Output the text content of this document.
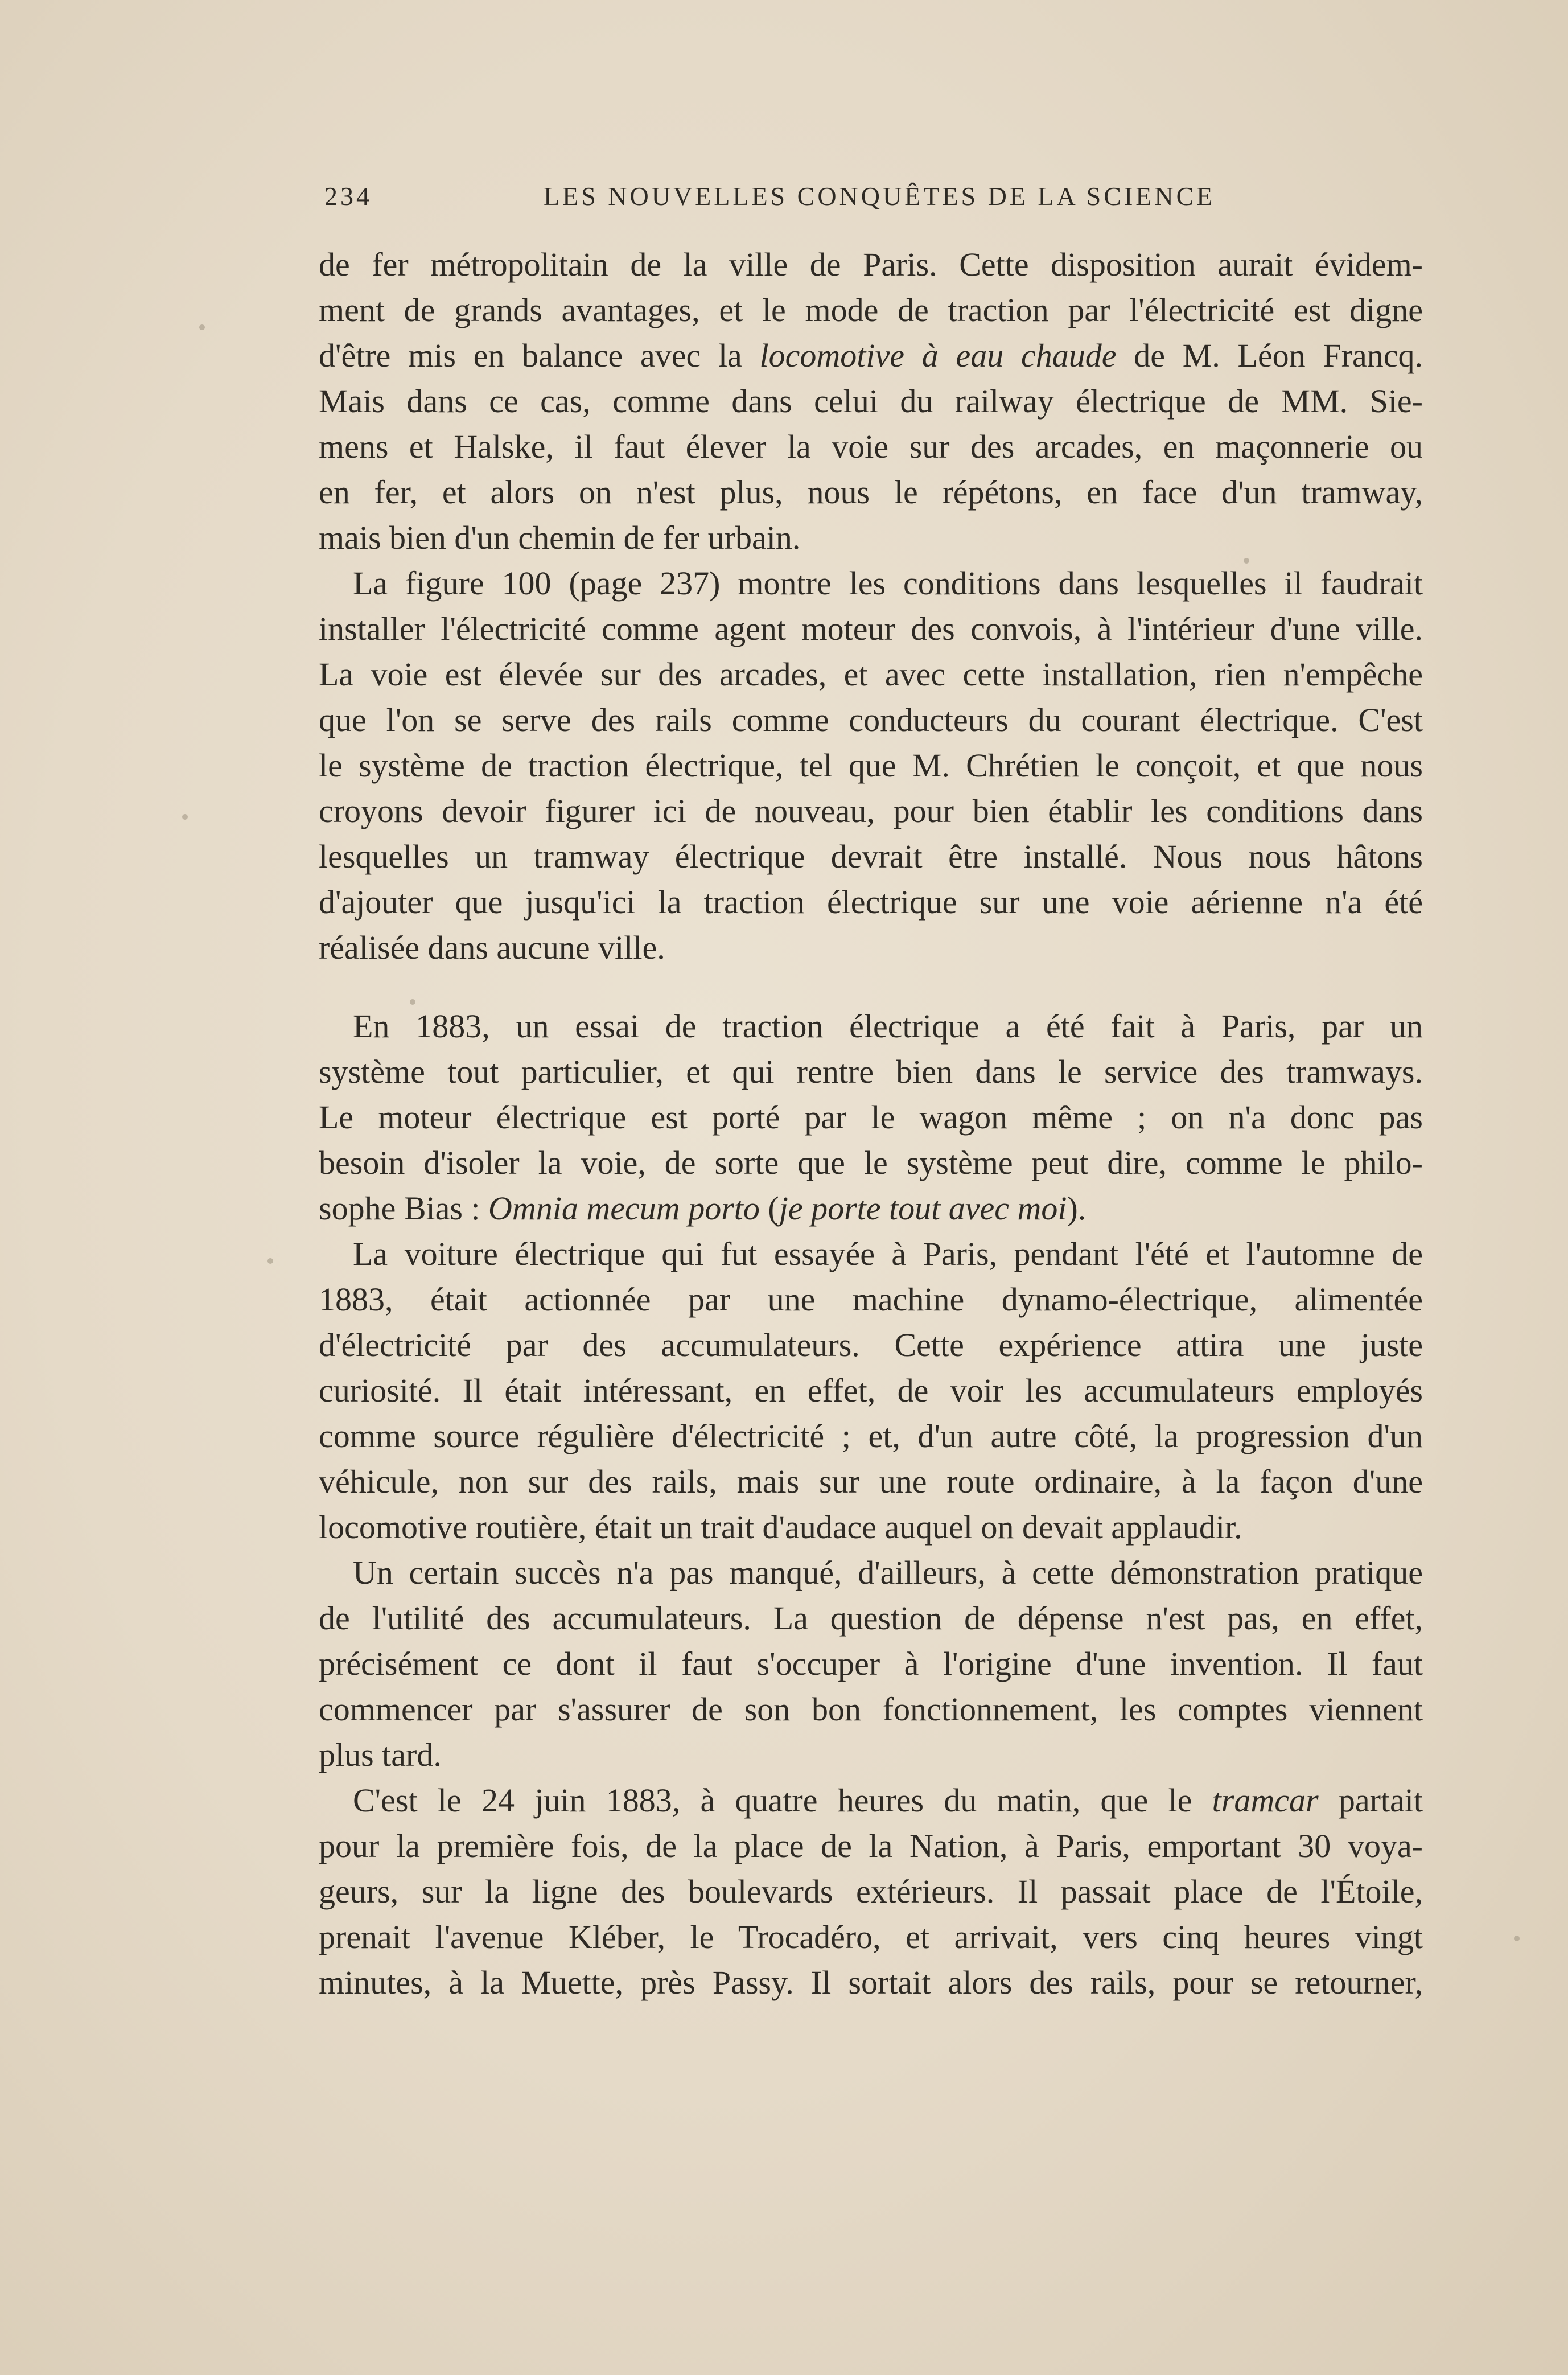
234	LES NOUVELLES CONQUÊTES DE LA SCIENCE
de fer métropolitain de la ville de Paris. Cette disposition aurait évidem-
ment de grands avantages, et le mode de traction par l'électricité est digne
d'être mis en balance avec la locomotive à eau chaude de M. Léon Francq.
Mais dans ce cas, comme dans celui du railway électrique de MM. Sie-
mens et Halske, il faut élever la voie sur des arcades, en maçonnerie ou
en fer, et alors on n'est plus, nous le répétons, en face d'un tramway,
mais bien d'un chemin de fer urbain.
La figure 100 (page 237) montre les conditions dans lesquelles il faudrait
installer l'électricité comme agent moteur des convois, à l'intérieur d'une ville.
La voie est élevée sur des arcades, et avec cette installation, rien n'empêche
que l'on se serve des rails comme conducteurs du courant électrique. C'est
le système de traction électrique, tel que M. Chrétien le conçoit, et que nous
croyons devoir figurer ici de nouveau, pour bien établir les conditions dans
lesquelles un tramway électrique devrait être installé. Nous nous hâtons
d'ajouter que jusqu'ici la traction électrique sur une voie aérienne n'a été
réalisée dans aucune ville.
En 1883, un essai de traction électrique a été fait à Paris, par un
système tout particulier, et qui rentre bien dans le service des tramways.
Le moteur électrique est porté par le wagon même ; on n'a donc pas
besoin d'isoler la voie, de sorte que le système peut dire, comme le philo-
sophe Bias : Omnia mecum porto (je porte tout avec moi).
La voiture électrique qui fut essayée à Paris, pendant l'été et l'automne de
1883, était actionnée par une machine dynamo-électrique, alimentée
d'électricité par des accumulateurs. Cette expérience attira une juste
curiosité. Il était intéressant, en effet, de voir les accumulateurs employés
comme source régulière d'électricité ; et, d'un autre côté, la progression d'un
véhicule, non sur des rails, mais sur une route ordinaire, à la façon d'une
locomotive routière, était un trait d'audace auquel on devait applaudir.
Un certain succès n'a pas manqué, d'ailleurs, à cette démonstration pratique
de l'utilité des accumulateurs. La question de dépense n'est pas, en effet,
précisément ce dont il faut s'occuper à l'origine d'une invention. Il faut
commencer par s'assurer de son bon fonctionnement, les comptes viennent
plus tard.
C'est le 24 juin 1883, à quatre heures du matin, que le tramcar partait
pour la première fois, de la place de la Nation, à Paris, emportant 30 voya-
geurs, sur la ligne des boulevards extérieurs. Il passait place de l'Étoile,
prenait l'avenue Kléber, le Trocadéro, et arrivait, vers cinq heures vingt
minutes, à la Muette, près Passy. Il sortait alors des rails, pour se retourner,
